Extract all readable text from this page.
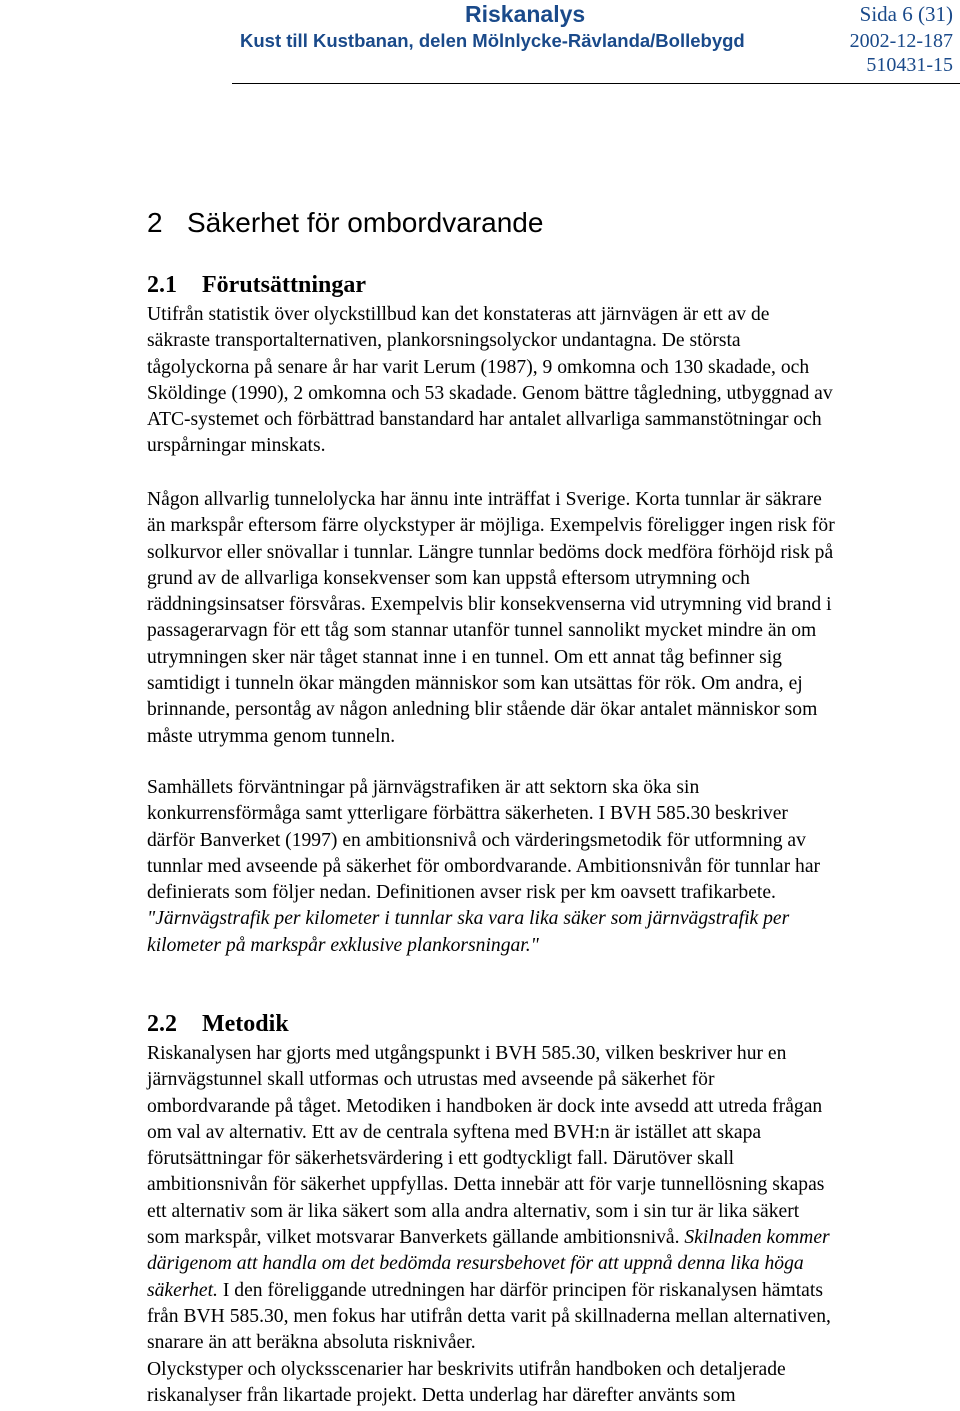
Riskanalys	Sida 6 (31)
Kust till Kustbanan, delen Mölnlycke-Rävlanda/Bollebygd	2002-12-187
510431-15
2 Säkerhet för ombordvarande
2.1 Förutsättningar
Utifrån statistik över olyckstillbud kan det konstateras att järnvägen är ett av de
säkraste transportalternativen, plankorsningsolyckor undantagna. De största
tågolyckorna på senare år har varit Lerum (1987), 9 omkomna och 130 skadade, och
Sköldinge (1990), 2 omkomna och 53 skadade. Genom bättre tågledning, utbyggnad av
ATC-systemet och förbättrad banstandard har antalet allvarliga sammanstötningar och
urspårningar minskats.
Någon allvarlig tunnelolycka har ännu inte inträffat i Sverige. Korta tunnlar är säkrare
än markspår eftersom färre olyckstyper är möjliga. Exempelvis föreligger ingen risk för
solkurvor eller snövallar i tunnlar. Längre tunnlar bedöms dock medföra förhöjd risk på
grund av de allvarliga konsekvenser som kan uppstå eftersom utrymning och
räddningsinsatser försvåras. Exempelvis blir konsekvenserna vid utrymning vid brand i
passagerarvagn för ett tåg som stannar utanför tunnel sannolikt mycket mindre än om
utrymningen sker när tåget stannat inne i en tunnel. Om ett annat tåg befinner sig
samtidigt i tunneln ökar mängden människor som kan utsättas för rök. Om andra, ej
brinnande, persontåg av någon anledning blir stående där ökar antalet människor som
måste utrymma genom tunneln.
Samhällets förväntningar på järnvägstrafiken är att sektorn ska öka sin
konkurrensförmåga samt ytterligare förbättra säkerheten. I BVH 585.30 beskriver
därför Banverket (1997) en ambitionsnivå och värderingsmetodik för utformning av
tunnlar med avseende på säkerhet för ombordvarande. Ambitionsnivån för tunnlar har
definierats som följer nedan. Definitionen avser risk per km oavsett trafikarbete.
"Järnvägstrafik per kilometer i tunnlar ska vara lika säker som järnvägstrafik per
kilometer på markspår exklusive plankorsningar."
2.2 Metodik
Riskanalysen har gjorts med utgångspunkt i BVH 585.30, vilken beskriver hur en
järnvägstunnel skall utformas och utrustas med avseende på säkerhet för
ombordvarande på tåget. Metodiken i handboken är dock inte avsedd att utreda frågan
om val av alternativ. Ett av de centrala syftena med BVH:n är istället att skapa
förutsättningar för säkerhetsvärdering i ett godtyckligt fall. Därutöver skall
ambitionsnivån för säkerhet uppfyllas. Detta innebär att för varje tunnellösning skapas
ett alternativ som är lika säkert som alla andra alternativ, som i sin tur är lika säkert
som markspår, vilket motsvarar Banverkets gällande ambitionsnivå. Skilnaden kommer
därigenom att handla om det bedömda resursbehovet för att uppnå denna lika höga
säkerhet. I den föreliggande utredningen har därför principen för riskanalysen hämtats
från BVH 585.30, men fokus har utifrån detta varit på skillnaderna mellan alternativen,
snarare än att beräkna absoluta risknivåer.
Olyckstyper och olycksscenarier har beskrivits utifrån handboken och detaljerade
riskanalyser från likartade projekt. Detta underlag har därefter använts som
